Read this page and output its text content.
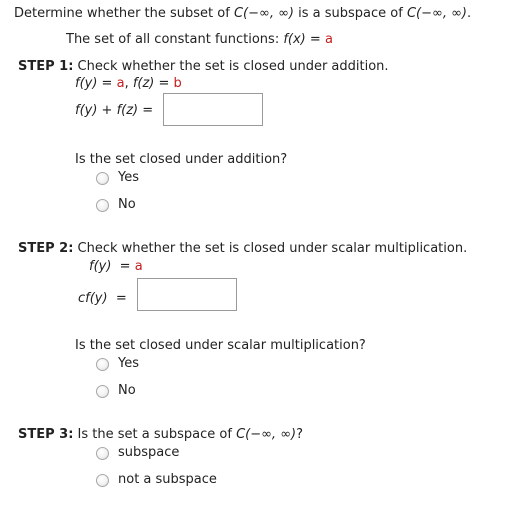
Determine whether the subset of C(−∞, ∞) is a subspace of C(−∞, ∞).
The set of all constant functions: f(x) = a
STEP 1: Check whether the set is closed under addition.
f(y) = a, f(z) = b
f(y) + f(z) =
Is the set closed under addition?
Yes
No
STEP 2: Check whether the set is closed under scalar multiplication.
f(y)  = a
cf(y)  =
Is the set closed under scalar multiplication?
Yes
No
STEP 3: Is the set a subspace of C(−∞, ∞)?
subspace
not a subspace
